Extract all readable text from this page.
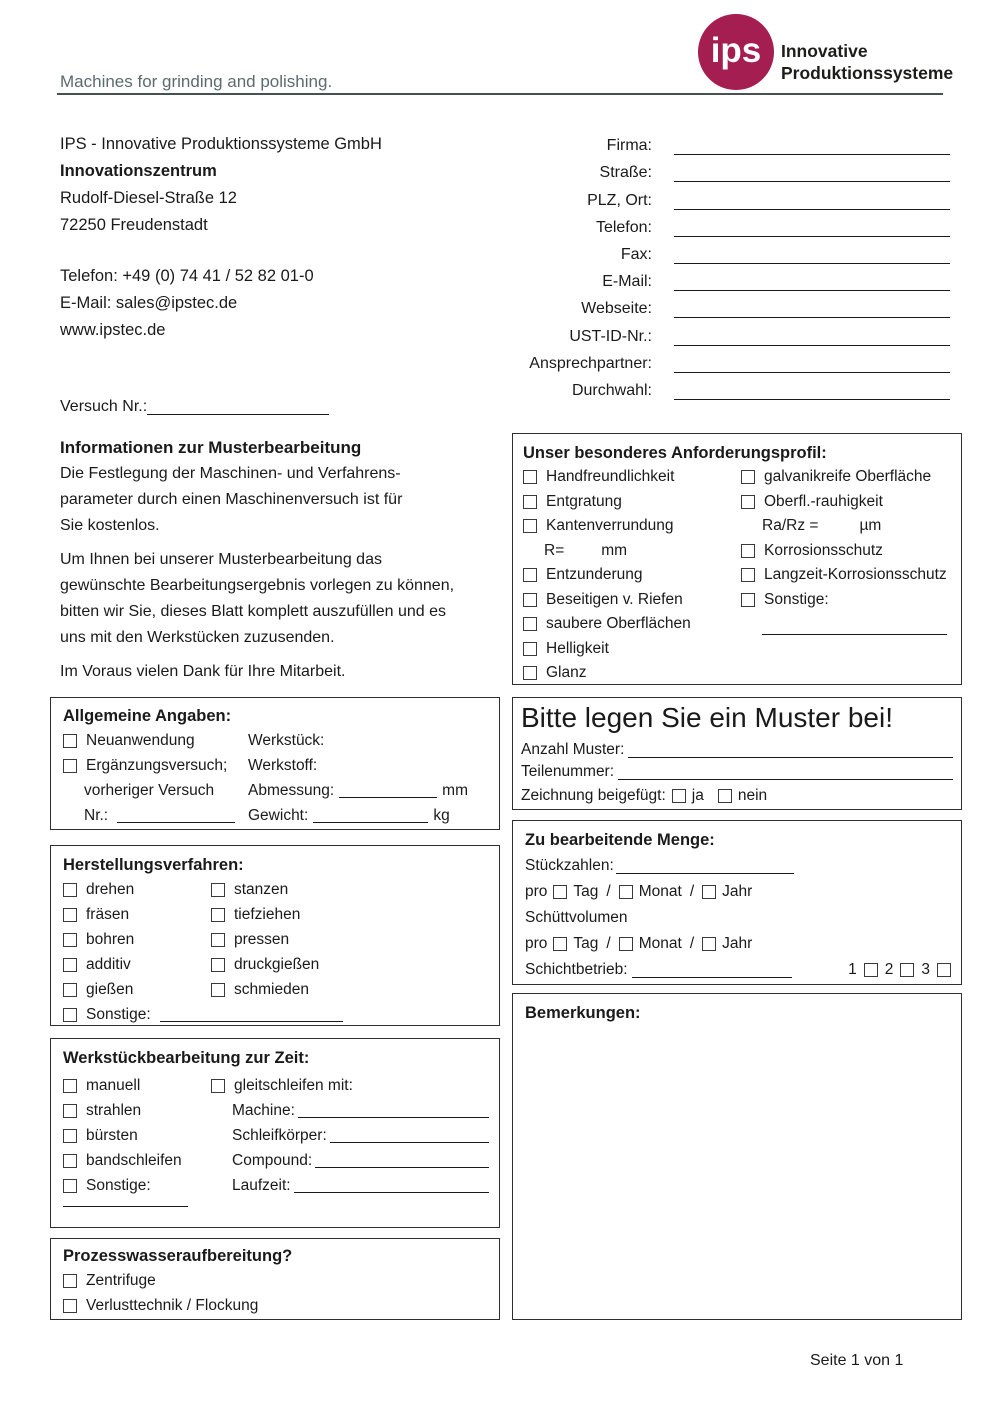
Machines for grinding and polishing.
ips Innovative
Produktionssysteme
IPS - Innovative Produktionssysteme GmbH
Innovationszentrum
Rudolf-Diesel-Straße 12
72250 Freudenstadt
Telefon: +49 (0) 74 41 / 52 82 01-0
E-Mail: sales@ipstec.de
www.ipstec.de
Firma:
Straße:
PLZ, Ort:
Telefon:
Fax:
E-Mail:
Webseite:
UST-ID-Nr.:
Ansprechpartner:
Durchwahl:
Versuch Nr.:
Informationen zur Musterbearbeitung
Die Festlegung der Maschinen- und Verfahrens-
parameter durch einen Maschinenversuch ist für
Sie kostenlos.
Um Ihnen bei unserer Musterbearbeitung das
gewünschte Bearbeitungsergebnis vorlegen zu können,
bitten wir Sie, dieses Blatt komplett auszufüllen und es
uns mit den Werkstücken zuzusenden.
Im Voraus vielen Dank für Ihre Mitarbeit.
Unser besonderes Anforderungsprofil:
Handfreundlichkeit
Entgratung
Kantenverrundung
R= mm
Entzunderung
Beseitigen v. Riefen
saubere Oberflächen
Helligkeit
Glanz
galvanikreife Oberfläche
Oberfl.-rauhigkeit
Ra/Rz =	µm
Korrosionsschutz
Langzeit-Korrosionsschutz
Sonstige:
Allgemeine Angaben:
Neuanwendung
Ergänzungsversuch;
vorheriger Versuch
Nr.:
Werkstück:
Werkstoff:
Abmessung:	mm
Gewicht:	kg
Herstellungsverfahren:
drehen
fräsen
bohren
additiv
gießen
stanzen
tiefziehen
pressen
druckgießen
schmieden
Sonstige:
Werkstückbearbeitung zur Zeit:
manuell
strahlen
bürsten
bandschleifen
Sonstige:
gleitschleifen mit:
Machine:
Schleifkörper:
Compound:
Laufzeit:
Prozesswasseraufbereitung?
Zentrifuge
Verlusttechnik / Flockung
Bitte legen Sie ein Muster bei!
Anzahl Muster:
Teilenummer:
Zeichnung beigefügt: ja nein
Zu bearbeitende Menge:
Stückzahlen:
pro Tag / Monat / Jahr
Schüttvolumen
pro Tag / Monat / Jahr
Schichtbetrieb:	1 2 3
Bemerkungen:
Seite 1 von 1
